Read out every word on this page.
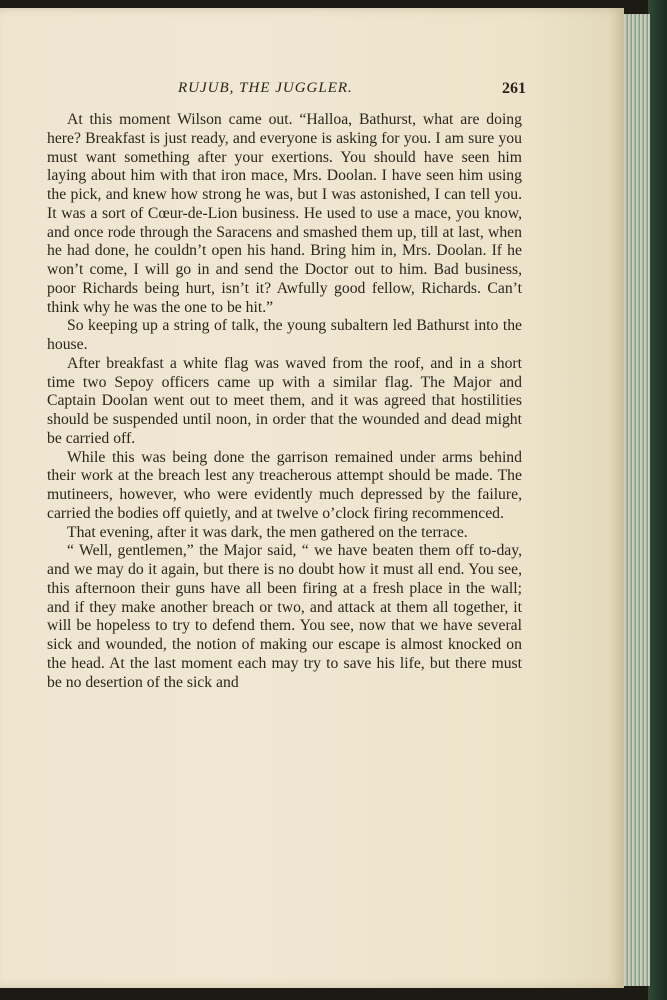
RUJUB, THE JUGGLER.	261

At this moment Wilson came out. “Halloa, Bathurst, what are doing here? Breakfast is just ready, and everyone is asking for you. I am sure you must want something after your exertions. You should have seen him laying about him with that iron mace, Mrs. Doolan. I have seen him using the pick, and knew how strong he was, but I was astonished, I can tell you. It was a sort of Cœur-de-Lion business. He used to use a mace, you know, and once rode through the Saracens and smashed them up, till at last, when he had done, he couldn’t open his hand. Bring him in, Mrs. Doolan. If he won’t come, I will go in and send the Doctor out to him. Bad business, poor Richards being hurt, isn’t it? Awfully good fellow, Richards. Can’t think why he was the one to be hit.”

So keeping up a string of talk, the young subaltern led Bathurst into the house.

After breakfast a white flag was waved from the roof, and in a short time two Sepoy officers came up with a similar flag. The Major and Captain Doolan went out to meet them, and it was agreed that hostilities should be suspended until noon, in order that the wounded and dead might be carried off.

While this was being done the garrison remained under arms behind their work at the breach lest any treacherous attempt should be made. The mutineers, however, who were evidently much depressed by the failure, carried the bodies off quietly, and at twelve o’clock firing recommenced.

That evening, after it was dark, the men gathered on the terrace.

“ Well, gentlemen,” the Major said, “ we have beaten them off to-day, and we may do it again, but there is no doubt how it must all end. You see, this afternoon their guns have all been firing at a fresh place in the wall; and if they make another breach or two, and attack at them all together, it will be hopeless to try to defend them. You see, now that we have several sick and wounded, the notion of making our escape is almost knocked on the head. At the last moment each may try to save his life, but there must be no desertion of the sick and
